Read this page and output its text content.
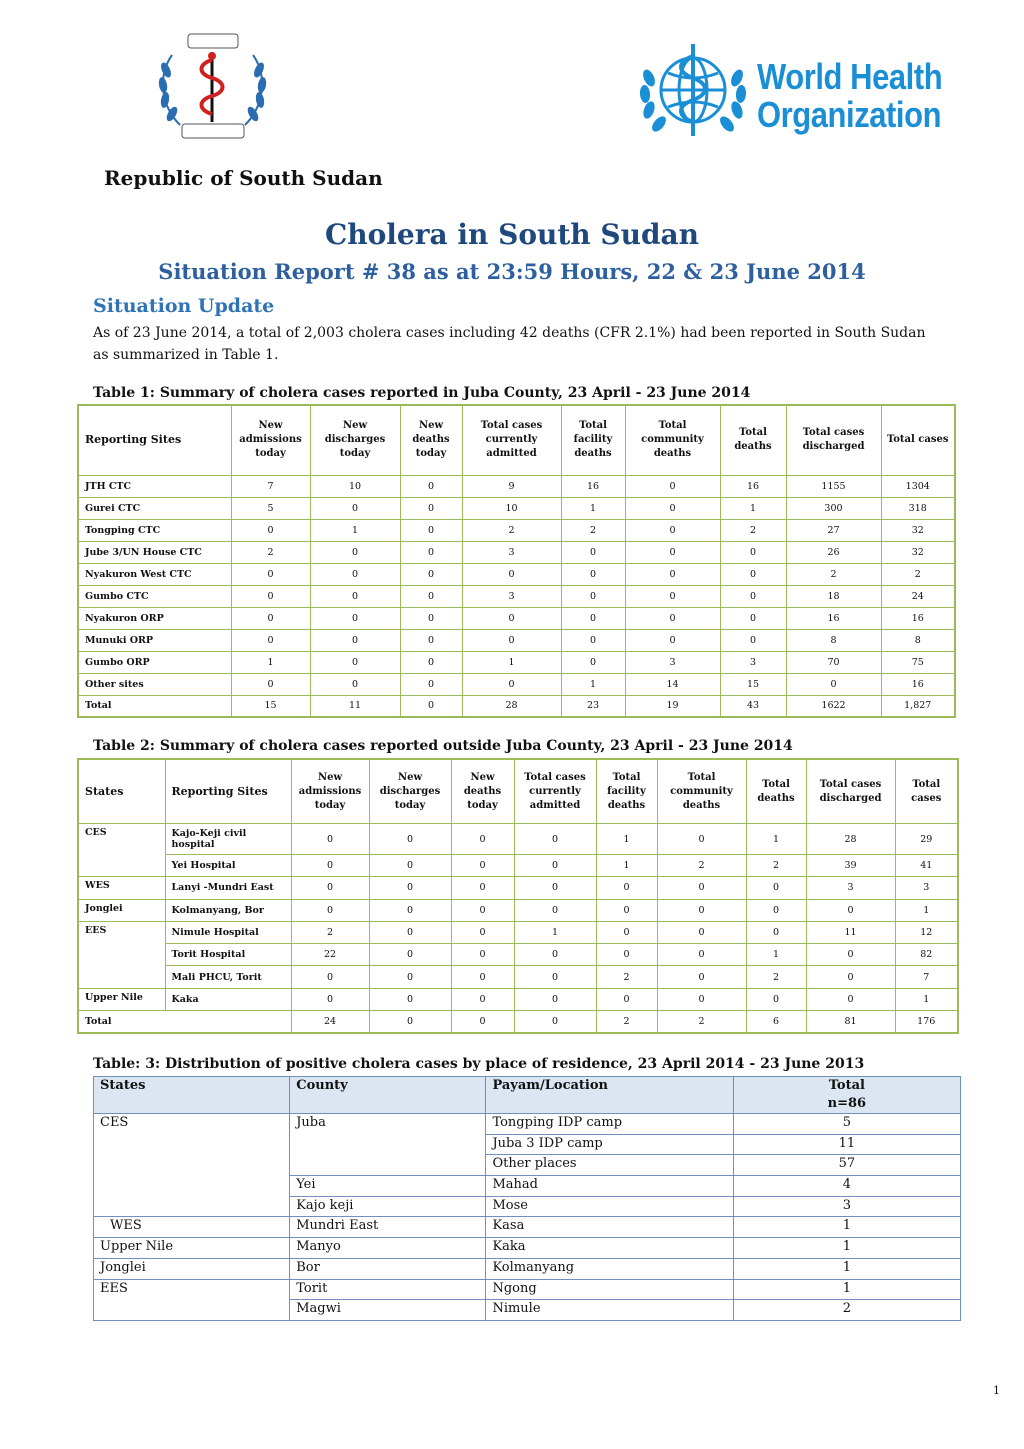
World Health
Organization
Republic of South Sudan
Cholera in South Sudan
Situation Report # 38 as at 23:59 Hours, 22 & 23 June 2014
Situation Update
As of 23 June 2014, a total of 2,003 cholera cases including 42 deaths (CFR 2.1%) had been reported in South Sudan as summarized in Table 1.
Table 1: Summary of cholera cases reported in Juba County, 23 April - 23 June 2014
Reporting Sites	New admissions today	New discharges today	New deaths today	Total cases currently admitted	Total facility deaths	Total community deaths	Total deaths	Total cases discharged	Total cases
JTH CTC	7	10	0	9	16	0	16	1155	1304
Gurei CTC	5	0	0	10	1	0	1	300	318
Tongping CTC	0	1	0	2	2	0	2	27	32
Jube 3/UN House CTC	2	0	0	3	0	0	0	26	32
Nyakuron West CTC	0	0	0	0	0	0	0	2	2
Gumbo CTC	0	0	0	3	0	0	0	18	24
Nyakuron ORP	0	0	0	0	0	0	0	16	16
Munuki ORP	0	0	0	0	0	0	0	8	8
Gumbo ORP	1	0	0	1	0	3	3	70	75
Other sites	0	0	0	0	1	14	15	0	16
Total	15	11	0	28	23	19	43	1622	1,827
Table 2: Summary of cholera cases reported outside Juba County, 23 April - 23 June 2014
States	Reporting Sites	New admissions today	New discharges today	New deaths today	Total cases currently admitted	Total facility deaths	Total community deaths	Total deaths	Total cases discharged	Total cases
CES	Kajo-Keji civil hospital	0	0	0	0	1	0	1	28	29
	Yei Hospital	0	0	0	0	1	2	2	39	41
WES	Lanyi -Mundri East	0	0	0	0	0	0	0	3	3
Jonglei	Kolmanyang, Bor	0	0	0	0	0	0	0	0	1
EES	Nimule Hospital	2	0	0	1	0	0	0	11	12
	Torit Hospital	22	0	0	0	0	0	1	0	82
	Mali PHCU, Torit	0	0	0	0	2	0	2	0	7
Upper Nile	Kaka	0	0	0	0	0	0	0	0	1
Total		24	0	0	0	2	2	6	81	176
Table: 3: Distribution of positive cholera cases by place of residence, 23 April 2014 - 23 June 2013
States	County	Payam/Location	Total
n=86

CES	Juba	Tongping IDP camp	5
		Juba 3 IDP camp	11
		Other places	57
	Yei	Mahad	4
	Kajo keji	Mose	3
WES	Mundri East	Kasa	1
Upper Nile	Manyo	Kaka	1
Jonglei	Bor	Kolmanyang	1
EES	Torit	Ngong	1
	Magwi	Nimule	2
1
